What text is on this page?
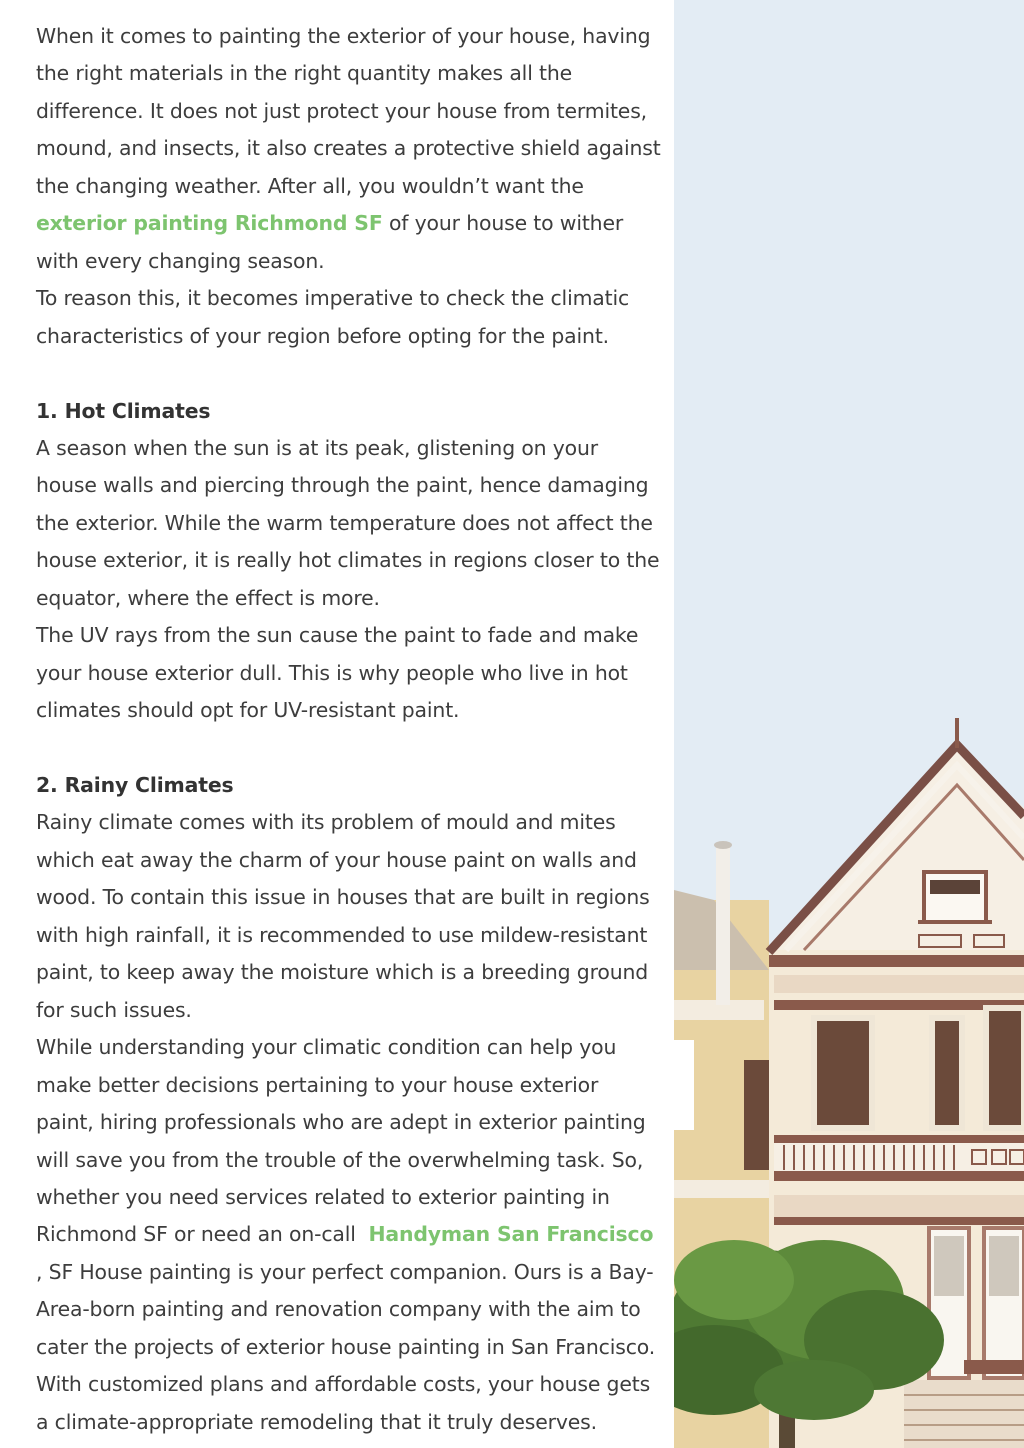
When it comes to painting the exterior of your house, having the right materials in the right quantity makes all the difference. It does not just protect your house from termites, mound, and insects, it also creates a protective shield against the changing weather. After all, you wouldn’t want the exterior painting Richmond SF of your house to wither with every changing season.

To reason this, it becomes imperative to check the climatic characteristics of your region before opting for the paint.

1. Hot Climates

A season when the sun is at its peak, glistening on your house walls and piercing through the paint, hence damaging the exterior. While the warm temperature does not affect the house exterior, it is really hot climates in regions closer to the equator, where the effect is more.

The UV rays from the sun cause the paint to fade and make your house exterior dull. This is why people who live in hot climates should opt for UV-resistant paint.

2. Rainy Climates

Rainy climate comes with its problem of mould and mites which eat away the charm of your house paint on walls and wood. To contain this issue in houses that are built in regions with high rainfall, it is recommended to use mildew-resistant paint, to keep away the moisture which is a breeding ground for such issues.

While understanding your climatic condition can help you make better decisions pertaining to your house exterior paint, hiring professionals who are adept in exterior painting will save you from the trouble of the overwhelming task. So, whether you need services related to exterior painting in Richmond SF or need an on-call Handyman San Francisco , SF House painting is your perfect companion. Ours is a Bay-Area-born painting and renovation company with the aim to cater the projects of exterior house painting in San Francisco. With customized plans and affordable costs, your house gets a climate-appropriate remodeling that it truly deserves.
